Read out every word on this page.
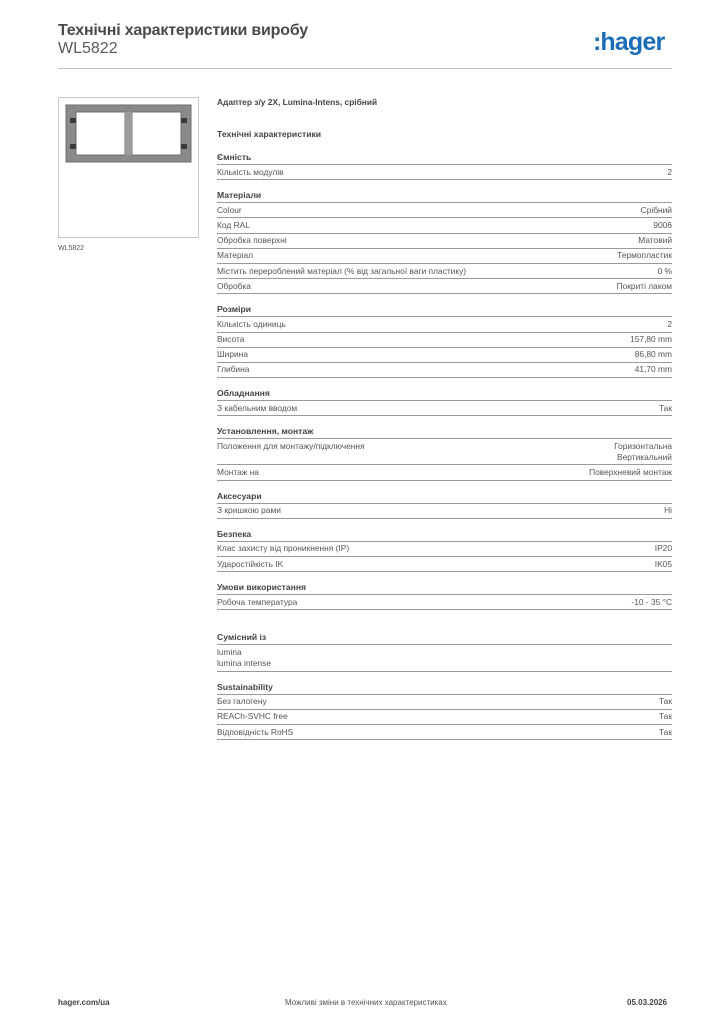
Технічні характеристики виробу
WL5822	:hager
WL5822
Адаптер з/у 2X, Lumina-Intens, срібний
Технічні характеристики
Ємність
Кількість модулів	2
Матеріали
Colour	Срібний
Код RAL	9006
Обробка поверхні	Матовий
Матеріал	Термопластик
Містить перероблений матеріал (% від загальної ваги пластику)	0 %
Обробка	Покриті лаком
Розміри
Кількість одиниць	2
Висота	157,80 mm
Ширина	86,80 mm
Глибина	41,70 mm
Обладнання
З кабельним вводом	Так
Установлення, монтаж
Положення для монтажу/підключення	Горизонтальна
Вертикальний
Монтаж на	Поверхневий монтаж
Аксесуари
З кришкою рами	Ні
Безпека
Клас захисту від проникнення (IP)	IP20
Ударостійкість IK	IK05
Умови використання
Робоча температура	-10 - 35 °C
Сумісний із
lumina
lumina intense
Sustainability
Без галогену	Так
REACh-SVHC free	Так
Відповідність RoHS	Так
hager.com/ua	Можливі зміни в технічних характеристиках	05.03.2026
